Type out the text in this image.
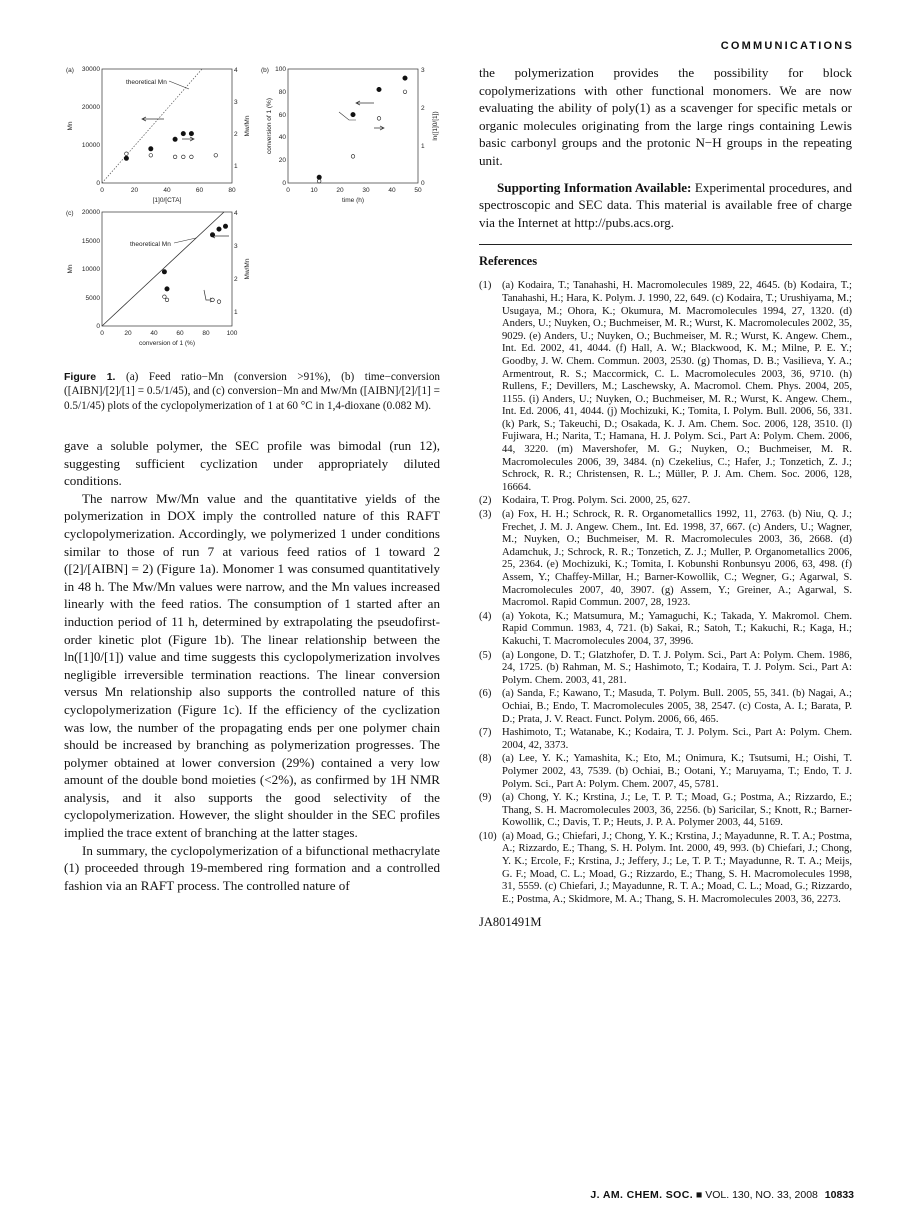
COMMUNICATIONS
(a)
theoretical Mn
30000
20000
10000
0
0	20	40	60	80
[1]0/[CTA]
Mn
4
3
2
1
Mw/Mn
(b) 100
80
60
40
20
0
0	10	20	30	40	50
time (h)
conversion of 1 (%)
3
2
1
0
ln([1]0/[1])
(c)
theoretical Mn
20000
15000
10000
5000
0
0	20	40	60	80	100
conversion of 1 (%)
Mn
4
3
2
1
Mw/Mn
Figure 1. (a) Feed ratio−Mn (conversion >91%), (b) time−conversion ([AIBN]/[2]/[1] = 0.5/1/45), and (c) conversion−Mn and Mw/Mn ([AIBN]/[2]/[1] = 0.5/1/45) plots of the cyclopolymerization of 1 at 60 °C in 1,4-dioxane (0.082 M).

gave a soluble polymer, the SEC profile was bimodal (run 12), suggesting sufficient cyclization under appropriately diluted conditions.

The narrow Mw/Mn value and the quantitative yields of the polymerization in DOX imply the controlled nature of this RAFT cyclopolymerization. Accordingly, we polymerized 1 under conditions similar to those of run 7 at various feed ratios of 1 toward 2 ([2]/[AIBN] = 2) (Figure 1a). Monomer 1 was consumed quantitatively in 48 h. The Mw/Mn values were narrow, and the Mn values increased linearly with the feed ratios. The consumption of 1 started after an induction period of 11 h, determined by extrapolating the pseudofirst-order kinetic plot (Figure 1b). The linear relationship between the ln([1]0/[1]) value and time suggests this cyclopolymerization involves negligible irreversible termination reactions. The linear conversion versus Mn relationship also supports the controlled nature of this cyclopolymerization (Figure 1c). If the efficiency of the cyclization was low, the number of the propagating ends per one polymer chain should be increased by branching as polymerization progresses. The polymer obtained at lower conversion (29%) contained a very low amount of the double bond moieties (<2%), as confirmed by 1H NMR analysis, and it also supports the good selectivity of the cyclopolymerization. However, the slight shoulder in the SEC profiles implied the trace extent of branching at the latter stages.

In summary, the cyclopolymerization of a bifunctional methacrylate (1) proceeded through 19-membered ring formation and a controlled fashion via an RAFT process. The controlled nature of

the polymerization provides the possibility for block copolymerizations with other functional monomers. We are now evaluating the ability of poly(1) as a scavenger for specific metals or organic molecules originating from the large rings containing Lewis basic carbonyl groups and the protonic N−H groups in the repeating unit.

Supporting Information Available: Experimental procedures, and spectroscopic and SEC data. This material is available free of charge via the Internet at http://pubs.acs.org.

References
(1) (a) Kodaira, T.; Tanahashi, H. Macromolecules 1989, 22, 4645. (b) Kodaira, T.; Tanahashi, H.; Hara, K. Polym. J. 1990, 22, 649. (c) Kodaira, T.; Urushiyama, M.; Usugaya, M.; Ohora, K.; Okumura, M. Macromolecules 1994, 27, 1320. (d) Anders, U.; Nuyken, O.; Buchmeiser, M. R.; Wurst, K. Macromolecules 2002, 35, 9029. (e) Anders, U.; Nuyken, O.; Buchmeiser, M. R.; Wurst, K. Angew. Chem., Int. Ed. 2002, 41, 4044. (f) Hall, A. W.; Blackwood, K. M.; Milne, P. E. Y.; Goodby, J. W. Chem. Commun. 2003, 2530. (g) Thomas, D. B.; Vasilieva, Y. A.; Armentrout, R. S.; Maccormick, C. L. Macromolecules 2003, 36, 9710. (h) Rullens, F.; Devillers, M.; Laschewsky, A. Macromol. Chem. Phys. 2004, 205, 1155. (i) Anders, U.; Nuyken, O.; Buchmeiser, M. R.; Wurst, K. Angew. Chem., Int. Ed. 2006, 41, 4044. (j) Mochizuki, K.; Tomita, I. Polym. Bull. 2006, 56, 331. (k) Park, S.; Takeuchi, D.; Osakada, K. J. Am. Chem. Soc. 2006, 128, 3510. (l) Fujiwara, H.; Narita, T.; Hamana, H. J. Polym. Sci., Part A: Polym. Chem. 2006, 44, 3220. (m) Mavershofer, M. G.; Nuyken, O.; Buchmeiser, M. R. Macromolecules 2006, 39, 3484. (n) Czekelius, C.; Hafer, J.; Tonzetich, Z. J.; Schrock, R. R.; Christensen, R. L.; Müller, P. J. Am. Chem. Soc. 2006, 128, 16664.
(2) Kodaira, T. Prog. Polym. Sci. 2000, 25, 627.
(3) (a) Fox, H. H.; Schrock, R. R. Organometallics 1992, 11, 2763. (b) Niu, Q. J.; Frechet, J. M. J. Angew. Chem., Int. Ed. 1998, 37, 667. (c) Anders, U.; Wagner, M.; Nuyken, O.; Buchmeiser, M. R. Macromolecules 2003, 36, 2668. (d) Adamchuk, J.; Schrock, R. R.; Tonzetich, Z. J.; Muller, P. Organometallics 2006, 25, 2364. (e) Mochizuki, K.; Tomita, I. Kobunshi Ronbunsyu 2006, 63, 498. (f) Assem, Y.; Chaffey-Millar, H.; Barner-Kowollik, C.; Wegner, G.; Agarwal, S. Macromolecules 2007, 40, 3907. (g) Assem, Y.; Greiner, A.; Agarwal, S. Macromol. Rapid Commun. 2007, 28, 1923.
(4) (a) Yokota, K.; Matsumura, M.; Yamaguchi, K.; Takada, Y. Makromol. Chem. Rapid Commun. 1983, 4, 721. (b) Sakai, R.; Satoh, T.; Kakuchi, R.; Kaga, H.; Kakuchi, T. Macromolecules 2004, 37, 3996.
(5) (a) Longone, D. T.; Glatzhofer, D. T. J. Polym. Sci., Part A: Polym. Chem. 1986, 24, 1725. (b) Rahman, M. S.; Hashimoto, T.; Kodaira, T. J. Polym. Sci., Part A: Polym. Chem. 2003, 41, 281.
(6) (a) Sanda, F.; Kawano, T.; Masuda, T. Polym. Bull. 2005, 55, 341. (b) Nagai, A.; Ochiai, B.; Endo, T. Macromolecules 2005, 38, 2547. (c) Costa, A. I.; Barata, P. D.; Prata, J. V. React. Funct. Polym. 2006, 66, 465.
(7) Hashimoto, T.; Watanabe, K.; Kodaira, T. J. Polym. Sci., Part A: Polym. Chem. 2004, 42, 3373.
(8) (a) Lee, Y. K.; Yamashita, K.; Eto, M.; Onimura, K.; Tsutsumi, H.; Oishi, T. Polymer 2002, 43, 7539. (b) Ochiai, B.; Ootani, Y.; Maruyama, T.; Endo, T. J. Polym. Sci., Part A: Polym. Chem. 2007, 45, 5781.
(9) (a) Chong, Y. K.; Krstina, J.; Le, T. P. T.; Moad, G.; Postma, A.; Rizzardo, E.; Thang, S. H. Macromolecules 2003, 36, 2256. (b) Saricilar, S.; Knott, R.; Barner-Kowollik, C.; Davis, T. P.; Heuts, J. P. A. Polymer 2003, 44, 5169.
(10) (a) Moad, G.; Chiefari, J.; Chong, Y. K.; Krstina, J.; Mayadunne, R. T. A.; Postma, A.; Rizzardo, E.; Thang, S. H. Polym. Int. 2000, 49, 993. (b) Chiefari, J.; Chong, Y. K.; Ercole, F.; Krstina, J.; Jeffery, J.; Le, T. P. T.; Mayadunne, R. T. A.; Meijs, G. F.; Moad, C. L.; Moad, G.; Rizzardo, E.; Thang, S. H. Macromolecules 1998, 31, 5559. (c) Chiefari, J.; Mayadunne, R. T. A.; Moad, C. L.; Moad, G.; Rizzardo, E.; Postma, A.; Skidmore, M. A.; Thang, S. H. Macromolecules 2003, 36, 2273.
JA801491M
J. AM. CHEM. SOC. ■ VOL. 130, NO. 33, 2008 10833
